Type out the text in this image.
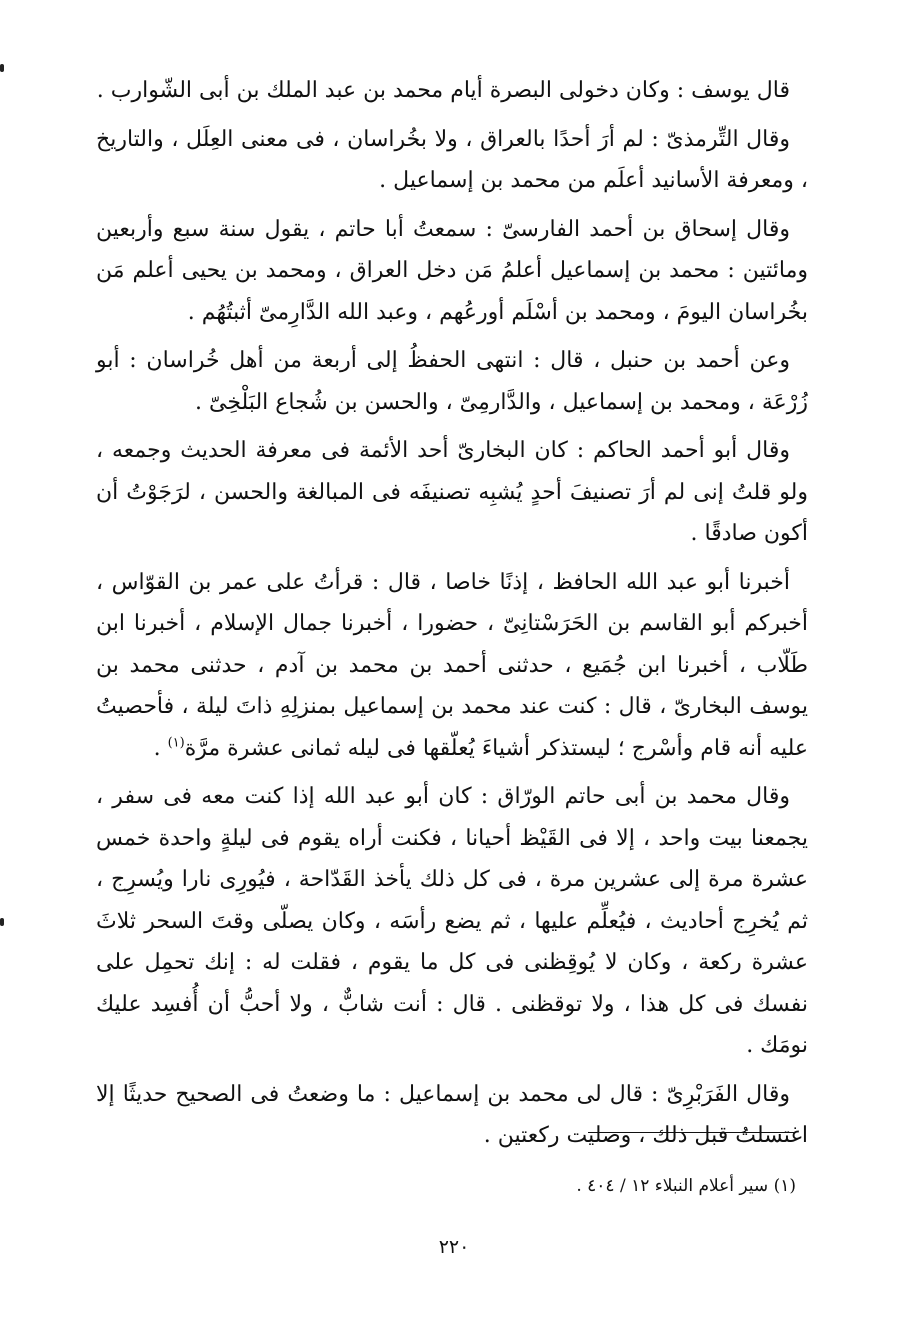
قال يوسف : وكان دخولى البصرة أيام محمد بن عبد الملك بن أبى الشّوارب .

وقال التِّرمذىّ : لم أرَ أحدًا بالعراق ، ولا بخُراسان ، فى معنى العِلَل ، والتاريخ ، ومعرفة الأسانيد أعلَم من محمد بن إسماعيل .

وقال إسحاق بن أحمد الفارسىّ : سمعتُ أبا حاتم ، يقول سنة سبع وأربعين ومائتين : محمد بن إسماعيل أعلمُ مَن دخل العراق ، ومحمد بن يحيى أعلم مَن بخُراسان اليومَ ، ومحمد بن أسْلَم أورعُهم ، وعبد الله الدَّارِمىّ أثبتُهُم .

وعن أحمد بن حنبل ، قال : انتهى الحفظُ إلى أربعة من أهل خُراسان : أبو زُرْعَة ، ومحمد بن إسماعيل ، والدَّارمِىّ ، والحسن بن شُجاع البَلْخِىّ .

وقال أبو أحمد الحاكم : كان البخارىّ أحد الأئمة فى معرفة الحديث وجمعه ، ولو قلتُ إنى لم أرَ تصنيفَ أحدٍ يُشبِه تصنيفَه فى المبالغة والحسن ، لرَجَوْتُ أن أكون صادقًا .

أخبرنا أبو عبد الله الحافظ ، إذنًا خاصا ، قال : قرأتُ على عمر بن القوّاس ، أخبركم أبو القاسم بن الحَرَسْتانِىّ ، حضورا ، أخبرنا جمال الإسلام ، أخبرنا ابن طَلّاب ، أخبرنا ابن جُمَيع ، حدثنى أحمد بن محمد بن آدم ، حدثنى محمد بن يوسف البخارىّ ، قال : كنت عند محمد بن إسماعيل بمنزلِهِ ذاتَ ليلة ، فأحصيتُ عليه أنه قام وأسْرج ؛ ليستذكر أشياءَ يُعلّقها فى ليله ثمانى عشرة مرَّة$^{(١)}$ .

وقال محمد بن أبى حاتم الورّاق : كان أبو عبد الله إذا كنت معه فى سفر ، يجمعنا بيت واحد ، إلا فى القَيْظ أحيانا ، فكنت أراه يقوم فى ليلةٍ واحدة خمس عشرة مرة إلى عشرين مرة ، فى كل ذلك يأخذ القَدّاحة ، فيُورِى نارا ويُسرِج ، ثم يُخرِج أحاديث ، فيُعلِّم عليها ، ثم يضع رأسَه ، وكان يصلّى وقتَ السحر ثلاثَ عشرة ركعة ، وكان لا يُوقِظنى فى كل ما يقوم ، فقلت له : إنك تحمِل على نفسك فى كل هذا ، ولا توقظنى . قال : أنت شابٌّ ، ولا أحبُّ أن أُفسِد عليك نومَك .

وقال الفَرَبْرِىّ : قال لى محمد بن إسماعيل : ما وضعتُ فى الصحيح حديثًا إلا اغتسلتُ قبل ذلك ، وصليت ركعتين .

(١) سير أعلام النبلاء ١٢ / ٤٠٤ .
٢٢٠
